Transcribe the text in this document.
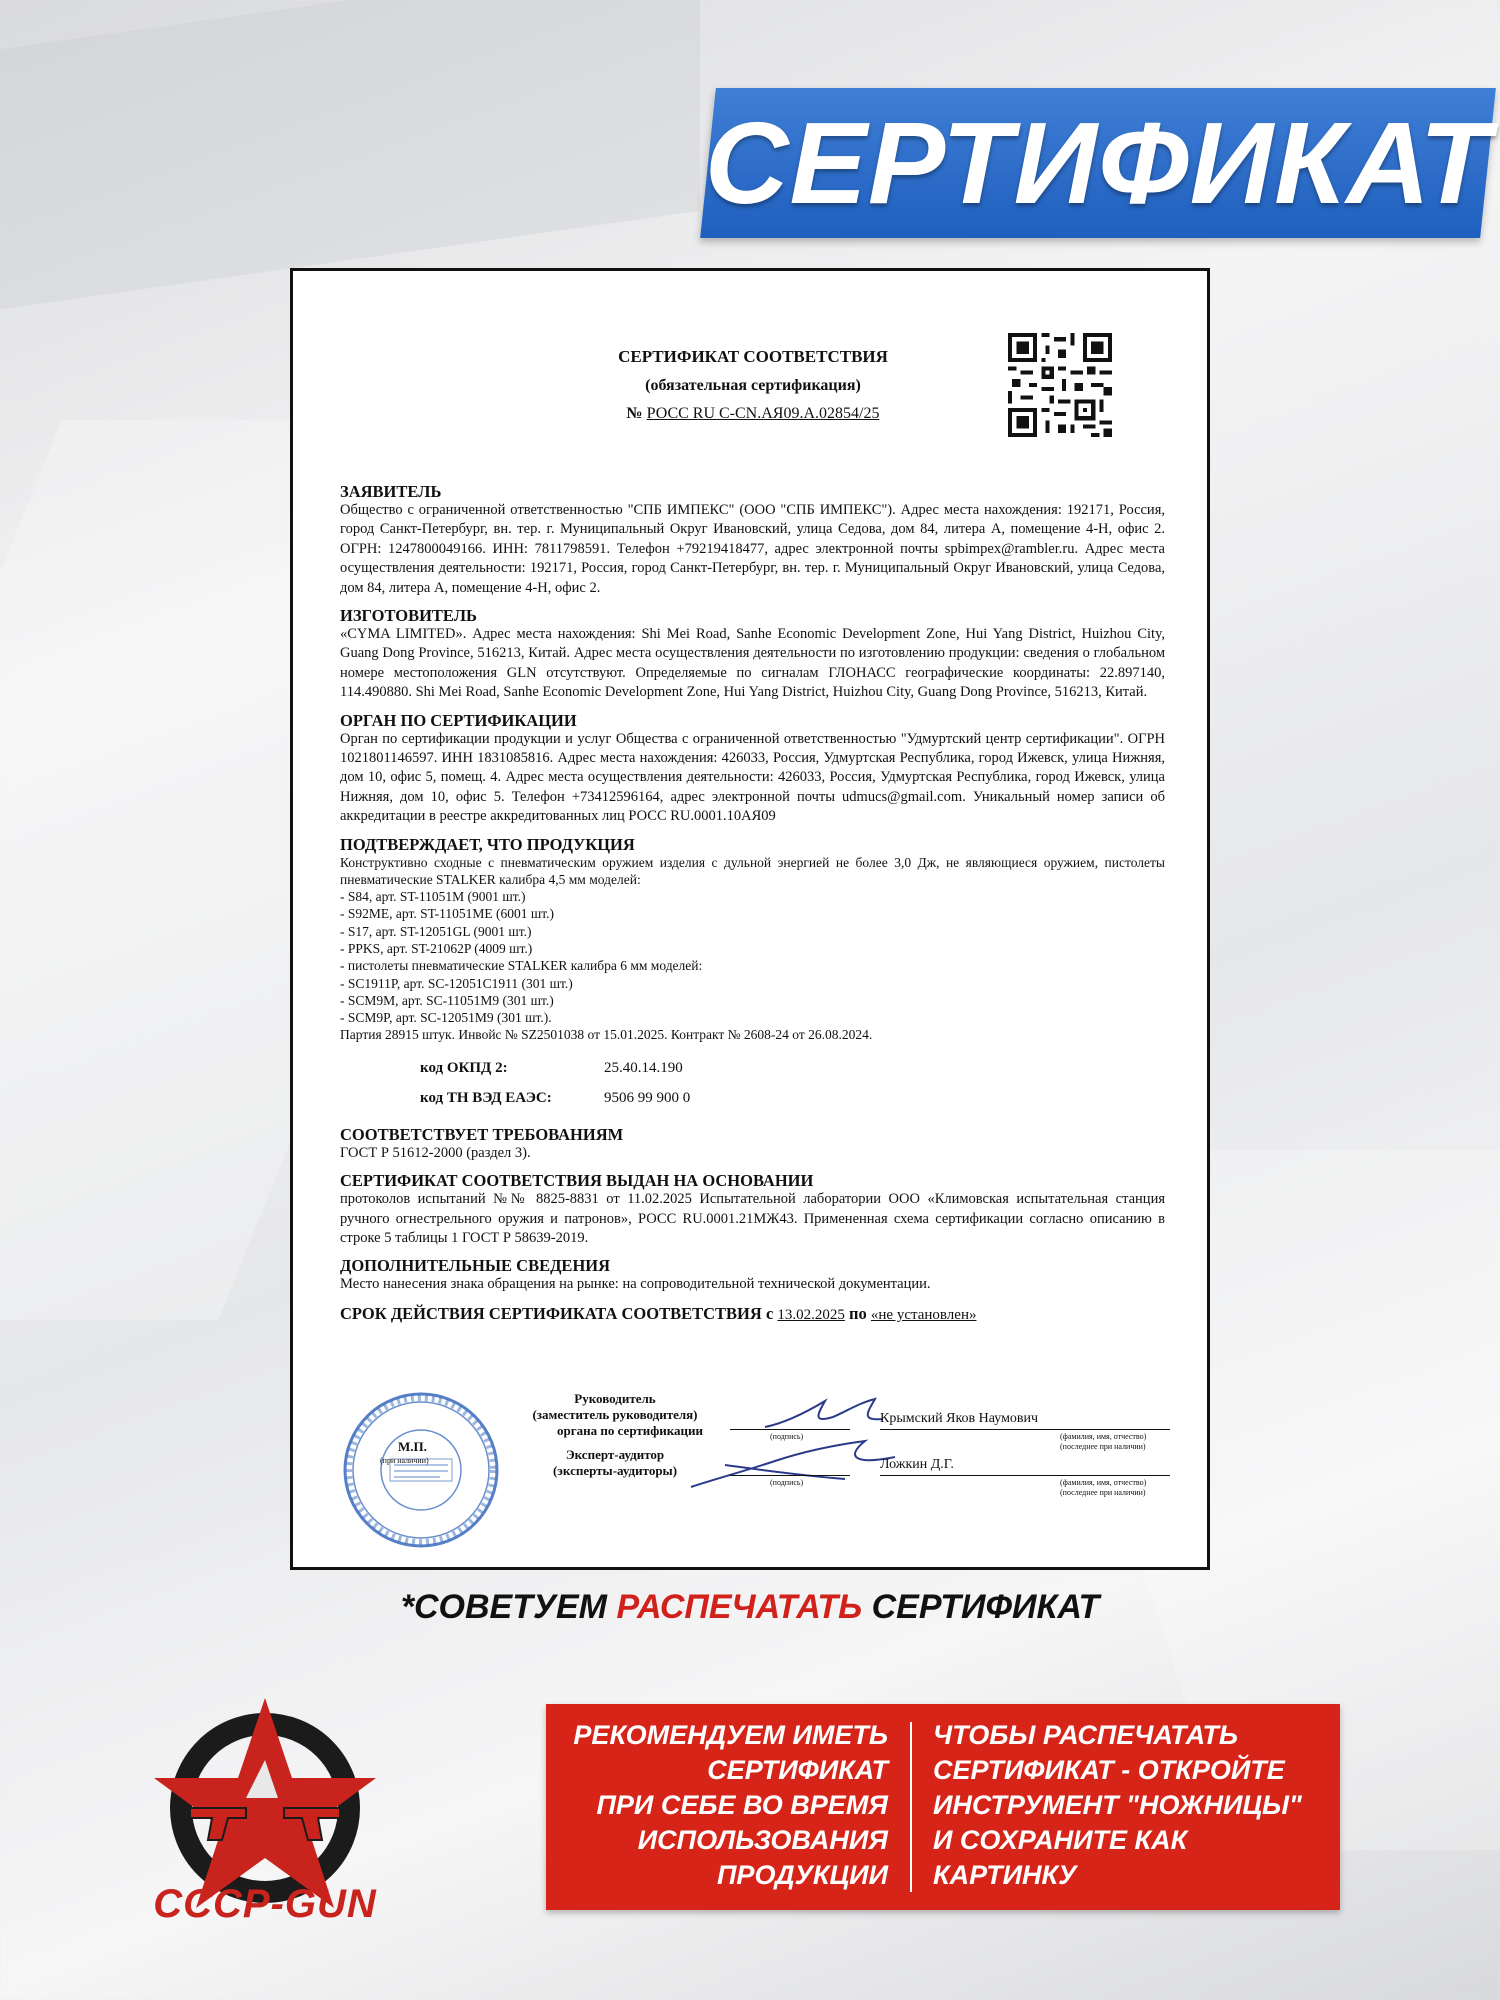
СЕРТИФИКАТ
СЕРТИФИКАТ СООТВЕТСТВИЯ
(обязательная сертификация)
№ РОСС RU С-CN.АЯ09.А.02854/25
ЗАЯВИТЕЛЬ
Общество с ограниченной ответственностью "СПБ ИМПЕКС" (ООО "СПБ ИМПЕКС"). Адрес места нахождения: 192171, Россия, город Санкт-Петербург, вн. тер. г. Муниципальный Округ Ивановский, улица Седова, дом 84, литера А, помещение 4-Н, офис 2. ОГРН: 1247800049166. ИНН: 7811798591. Телефон +79219418477, адрес электронной почты spbimpex@rambler.ru. Адрес места осуществления деятельности: 192171, Россия, город Санкт-Петербург, вн. тер. г. Муниципальный Округ Ивановский, улица Седова, дом 84, литера А, помещение 4-Н, офис 2.
ИЗГОТОВИТЕЛЬ
«CYMA LIMITED». Адрес места нахождения: Shi Mei Road, Sanhe Economic Development Zone, Hui Yang District, Huizhou City, Guang Dong Province, 516213, Китай. Адрес места осуществления деятельности по изготовлению продукции: сведения о глобальном номере местоположения GLN отсутствуют. Определяемые по сигналам ГЛОНАСС географические координаты: 22.897140, 114.490880. Shi Mei Road, Sanhe Economic Development Zone, Hui Yang District, Huizhou City, Guang Dong Province, 516213, Китай.
ОРГАН ПО СЕРТИФИКАЦИИ
Орган по сертификации продукции и услуг Общества с ограниченной ответственностью "Удмуртский центр сертификации". ОГРН 1021801146597. ИНН 1831085816. Адрес места нахождения: 426033, Россия, Удмуртская Республика, город Ижевск, улица Нижняя, дом 10, офис 5, помещ. 4. Адрес места осуществления деятельности: 426033, Россия, Удмуртская Республика, город Ижевск, улица Нижняя, дом 10, офис 5. Телефон +73412596164, адрес электронной почты udmucs@gmail.com. Уникальный номер записи об аккредитации в реестре аккредитованных лиц РОСС RU.0001.10АЯ09
ПОДТВЕРЖДАЕТ, ЧТО ПРОДУКЦИЯ
Конструктивно сходные с пневматическим оружием изделия с дульной энергией не более 3,0 Дж, не являющиеся оружием, пистолеты пневматические STALKER калибра 4,5 мм моделей:
- S84, арт. ST-11051M (9001 шт.)
- S92ME, арт. ST-11051ME (6001 шт.)
- S17, арт. ST-12051GL (9001 шт.)
- PPKS, арт. ST-21062P (4009 шт.)
- пистолеты пневматические STALKER калибра 6 мм моделей:
- SC1911P, арт. SC-12051C1911 (301 шт.)
- SCM9M, арт. SC-11051M9 (301 шт.)
- SCM9P, арт. SC-12051M9 (301 шт.).
Партия 28915 штук. Инвойс № SZ2501038 от 15.01.2025. Контракт № 2608-24 от 26.08.2024.
код ОКПД 2:	25.40.14.190
код ТН ВЭД ЕАЭС:	9506 99 900 0
СООТВЕТСТВУЕТ ТРЕБОВАНИЯМ
ГОСТ Р 51612-2000 (раздел 3).
СЕРТИФИКАТ СООТВЕТСТВИЯ ВЫДАН НА ОСНОВАНИИ
протоколов испытаний №№ 8825-8831 от 11.02.2025 Испытательной лаборатории ООО «Климовская испытательная станция ручного огнестрельного оружия и патронов», РОСС RU.0001.21МЖ43. Примененная схема сертификации согласно описанию в строке 5 таблицы 1 ГОСТ Р 58639-2019.
ДОПОЛНИТЕЛЬНЫЕ СВЕДЕНИЯ
Место нанесения знака обращения на рынке: на сопроводительной технической документации.
СРОК ДЕЙСТВИЯ СЕРТИФИКАТА СООТВЕТСТВИЯ с 13.02.2025 по «не установлен»
М.П.
(при наличии)
Руководитель
(заместитель руководителя)
органа по сертификации
Эксперт-аудитор
(эксперты-аудиторы)
(подпись)
Крымский Яков Наумович
(фамилия, имя, отчество)
(последнее при наличии)
(подпись)
Ложкин Д.Г.
(фамилия, имя, отчество)
(последнее при наличии)
*СОВЕТУЕМ РАСПЕЧАТАТЬ СЕРТИФИКАТ
CCCP-GUN
РЕКОМЕНДУЕМ ИМЕТЬ
СЕРТИФИКАТ
ПРИ СЕБЕ ВО ВРЕМЯ
ИСПОЛЬЗОВАНИЯ
ПРОДУКЦИИ
ЧТОБЫ РАСПЕЧАТАТЬ
СЕРТИФИКАТ - ОТКРОЙТЕ
ИНСТРУМЕНТ "НОЖНИЦЫ"
И СОХРАНИТЕ КАК
КАРТИНКУ
